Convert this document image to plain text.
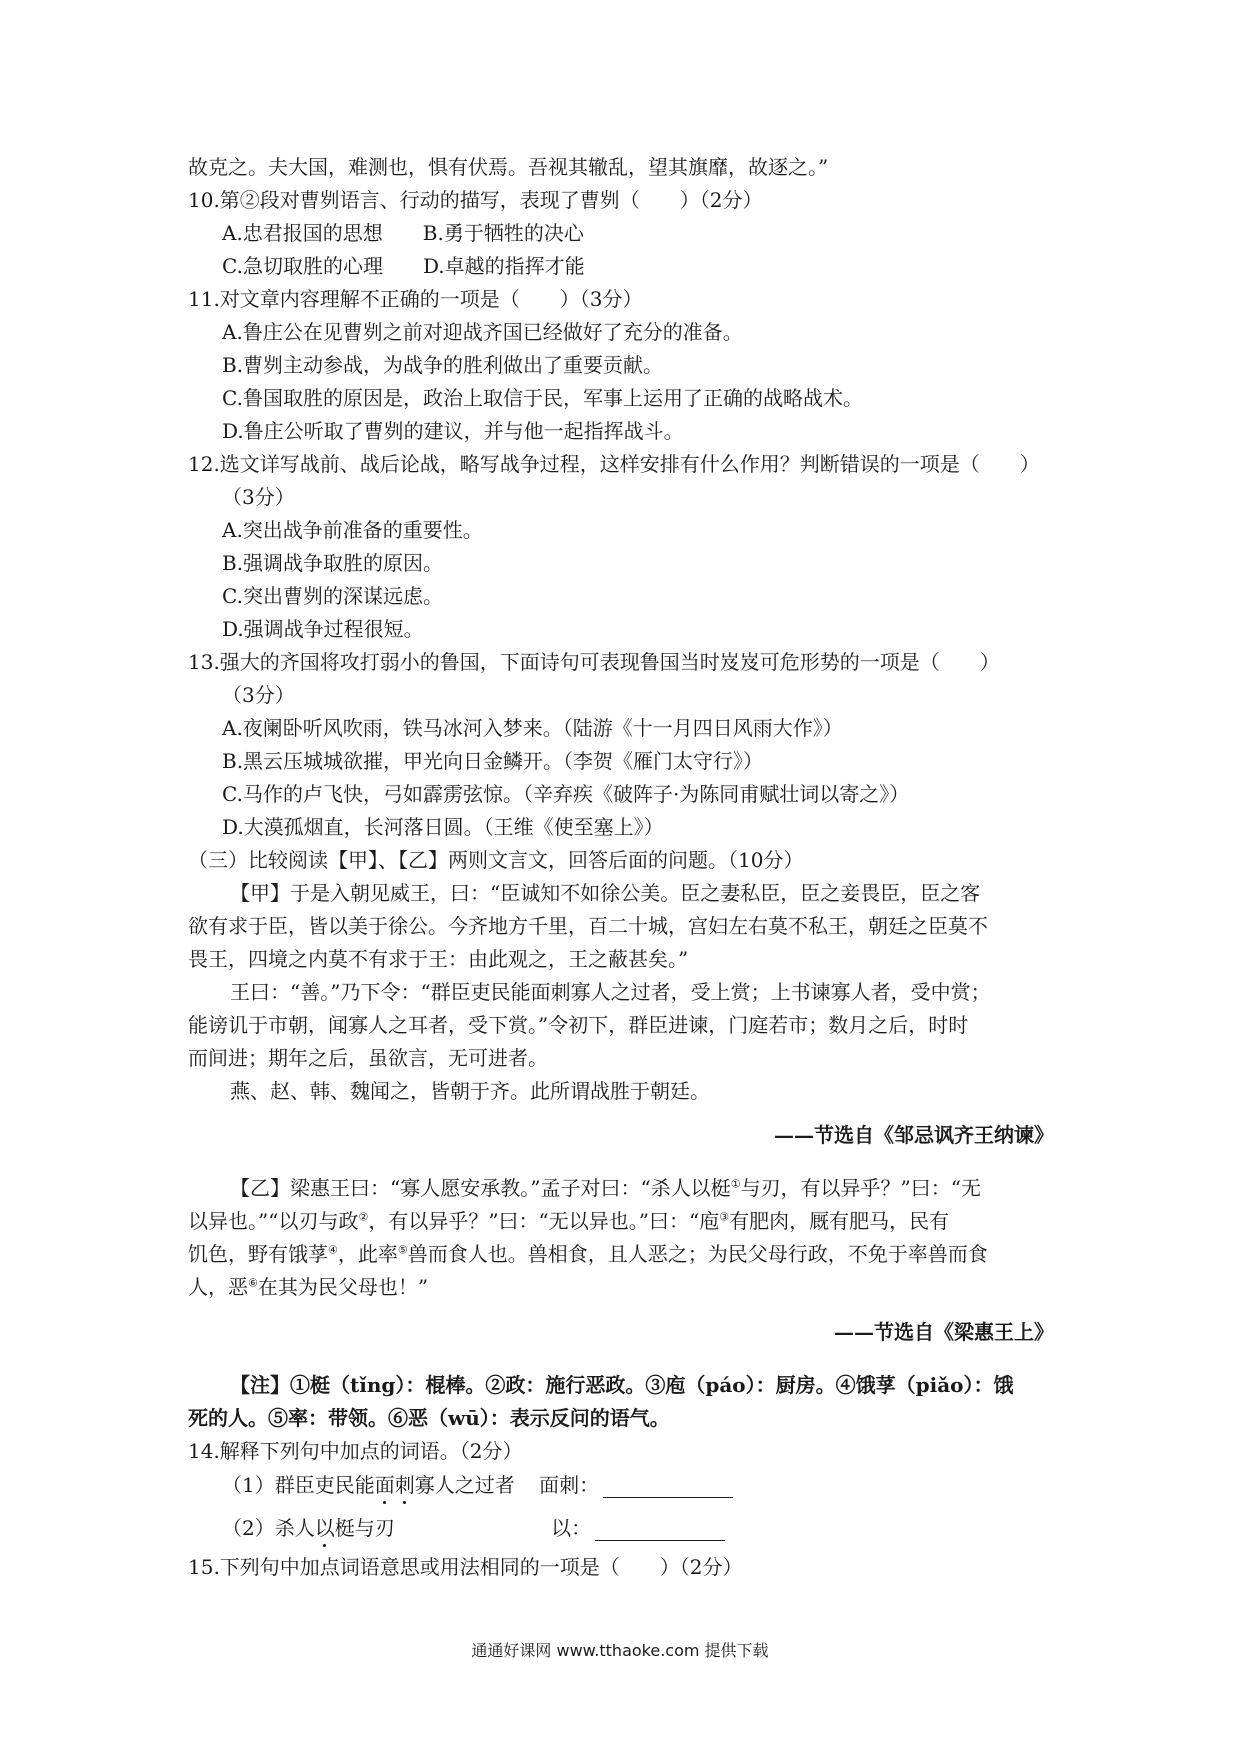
故克之。夫大国，难测也，惧有伏焉。吾视其辙乱，望其旗靡，故逐之。”
10.第②段对曹刿语言、行动的描写，表现了曹刿（　　）（2分）
A.忠君报国的思想　　B.勇于牺牲的决心
C.急切取胜的心理　　D.卓越的指挥才能
11.对文章内容理解不正确的一项是（　　）（3分）
A.鲁庄公在见曹刿之前对迎战齐国已经做好了充分的准备。
B.曹刿主动参战，为战争的胜利做出了重要贡献。
C.鲁国取胜的原因是，政治上取信于民，军事上运用了正确的战略战术。
D.鲁庄公听取了曹刿的建议，并与他一起指挥战斗。
12.选文详写战前、战后论战，略写战争过程，这样安排有什么作用？判断错误的一项是（　　）
（3分）
A.突出战争前准备的重要性。
B.强调战争取胜的原因。
C.突出曹刿的深谋远虑。
D.强调战争过程很短。
13.强大的齐国将攻打弱小的鲁国，下面诗句可表现鲁国当时岌岌可危形势的一项是（　　）
（3分）
A.夜阑卧听风吹雨，铁马冰河入梦来。（陆游《十一月四日风雨大作》）
B.黑云压城城欲摧，甲光向日金鳞开。（李贺《雁门太守行》）
C.马作的卢飞快，弓如霹雳弦惊。（辛弃疾《破阵子·为陈同甫赋壮词以寄之》）
D.大漠孤烟直，长河落日圆。（王维《使至塞上》）
（三）比较阅读【甲】、【乙】两则文言文，回答后面的问题。（10分）
【甲】于是入朝见威王，曰：“臣诚知不如徐公美。臣之妻私臣，臣之妾畏臣，臣之客
欲有求于臣，皆以美于徐公。今齐地方千里，百二十城，宫妇左右莫不私王，朝廷之臣莫不
畏王，四境之内莫不有求于王：由此观之，王之蔽甚矣。”
王曰：“善。”乃下令：“群臣吏民能面刺寡人之过者，受上赏；上书谏寡人者，受中赏；
能谤讥于市朝，闻寡人之耳者，受下赏。”令初下，群臣进谏，门庭若市；数月之后，时时
而间进；期年之后，虽欲言，无可进者。
燕、赵、韩、魏闻之，皆朝于齐。此所谓战胜于朝廷。
——节选自《邹忌讽齐王纳谏》
【乙】梁惠王曰：“寡人愿安承教。”孟子对曰：“杀人以梃①与刃，有以异乎？”曰：“无
以异也。”“以刃与政②，有以异乎？”曰：“无以异也。”曰：“庖③有肥肉，厩有肥马，民有
饥色，野有饿莩④，此率⑤兽而食人也。兽相食，且人恶之；为民父母行政，不免于率兽而食
人，恶⑥在其为民父母也！”
——节选自《梁惠王上》
【注】①梃（tǐng）：棍棒。②政：施行恶政。③庖（páo）：厨房。④饿莩（piǎo）：饿
死的人。⑤率：带领。⑥恶（wū）：表示反问的语气。
14.解释下列句中加点的词语。（2分）
（1）群臣吏民能面刺寡人之过者 面刺：
（2）杀人以梃与刃	以：
15.下列句中加点词语意思或用法相同的一项是（　　）（2分）
通通好课网 www.tthaoke.com 提供下载
